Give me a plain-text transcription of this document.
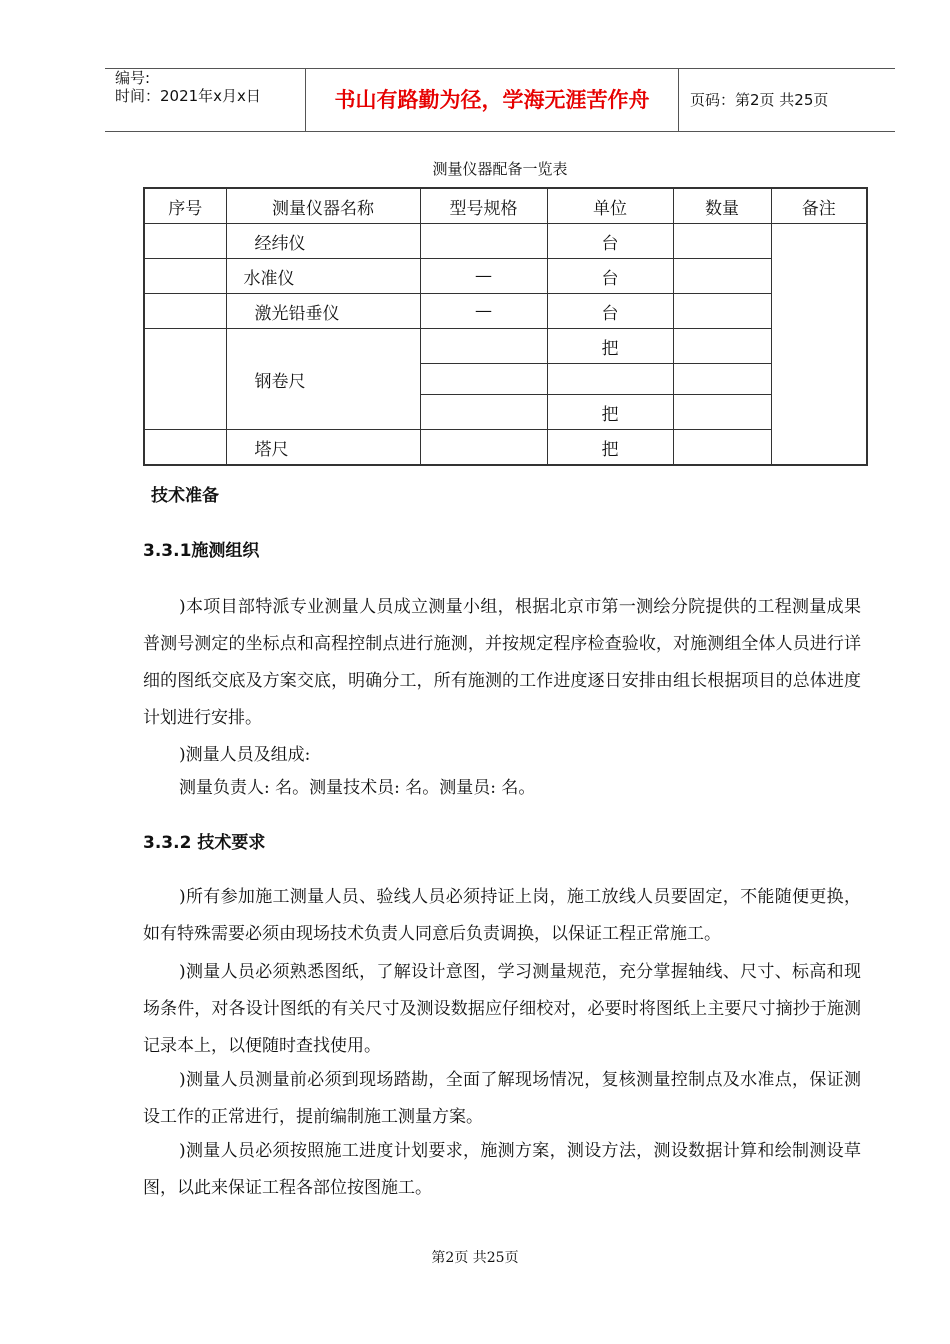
编号:
时间：2021年x月x日	书山有路勤为径，学海无涯苦作舟	页码：第2页 共25页
测量仪器配备一览表
序号	测量仪器名称	型号规格	单位	数量	备注
	经纬仪		台		
	水准仪	—	台		
	激光铅垂仪	—	台		
	钢卷尺		把		

			把		
	塔尺		把		
技术准备
3.3.1施测组织
)本项目部特派专业测量人员成立测量小组，根据北京市第一测绘分院提供的工程测量成果普测号测定的坐标点和高程控制点进行施测，并按规定程序检查验收，对施测组全体人员进行详细的图纸交底及方案交底，明确分工，所有施测的工作进度逐日安排由组长根据项目的总体进度计划进行安排。
)测量人员及组成:
测量负责人: 名。测量技术员: 名。测量员: 名。
3.3.2 技术要求
)所有参加施工测量人员、验线人员必须持证上岗，施工放线人员要固定，不能随便更换，如有特殊需要必须由现场技术负责人同意后负责调换，以保证工程正常施工。
)测量人员必须熟悉图纸，了解设计意图，学习测量规范，充分掌握轴线、尺寸、标高和现场条件，对各设计图纸的有关尺寸及测设数据应仔细校对，必要时将图纸上主要尺寸摘抄于施测记录本上，以便随时查找使用。
)测量人员测量前必须到现场踏勘，全面了解现场情况，复核测量控制点及水准点，保证测设工作的正常进行，提前编制施工测量方案。
)测量人员必须按照施工进度计划要求，施测方案，测设方法，测设数据计算和绘制测设草图，以此来保证工程各部位按图施工。
第2页 共25页
